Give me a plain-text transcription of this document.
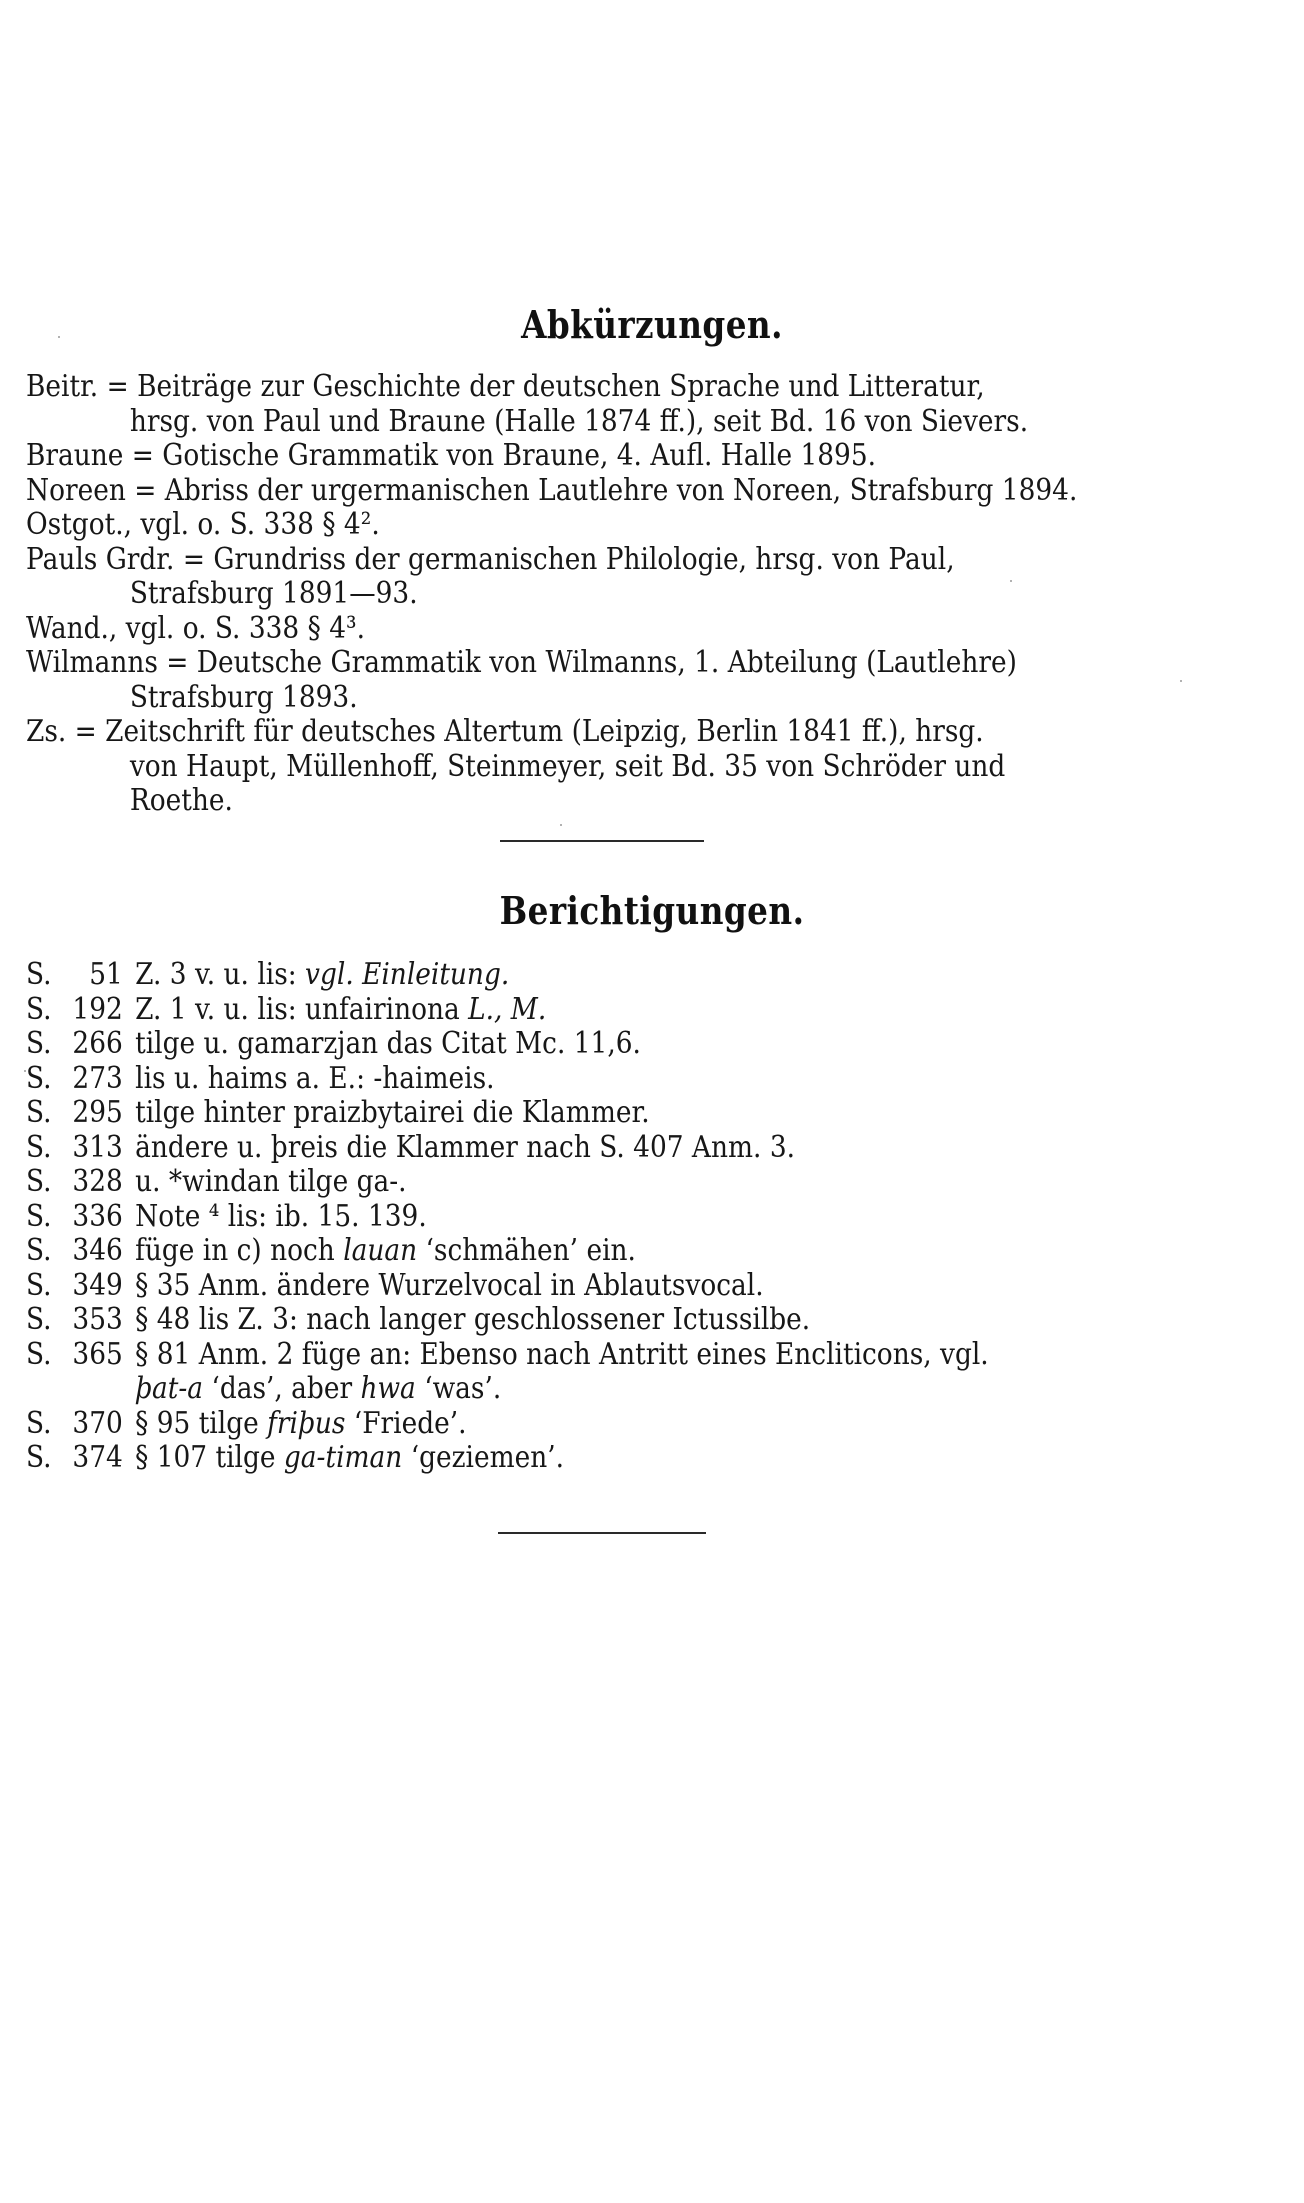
Abkürzungen.
Beitr. = Beiträge zur Geschichte der deutschen Sprache und Litteratur,
hrsg. von Paul und Braune (Halle 1874 ff.), seit Bd. 16 von Sievers.
Braune = Gotische Grammatik von Braune, 4. Aufl. Halle 1895.
Noreen = Abriss der urgermanischen Lautlehre von Noreen, Strafsburg 1894.
Ostgot., vgl. o. S. 338 § 4².
Pauls Grdr. = Grundriss der germanischen Philologie, hrsg. von Paul,
Strafsburg 1891—93.
Wand., vgl. o. S. 338 § 4³.
Wilmanns = Deutsche Grammatik von Wilmanns, 1. Abteilung (Lautlehre)
Strafsburg 1893.
Zs. = Zeitschrift für deutsches Altertum (Leipzig, Berlin 1841 ff.), hrsg.
von Haupt, Müllenhoff, Steinmeyer, seit Bd. 35 von Schröder und
Roethe.
Berichtigungen.
S.	51 Z. 3 v. u. lis: vgl. Einleitung.
S. 192 Z. 1 v. u. lis: unfairinona L., M.
S. 266 tilge u. gamarzjan das Citat Mc. 11,6.
S. 273 lis u. haims a. E.: -haimeis.
S. 295 tilge hinter praizbytairei die Klammer.
S. 313 ändere u. þreis die Klammer nach S. 407 Anm. 3.
S. 328 u. *windan tilge ga-.
S. 336 Note ⁴ lis: ib. 15. 139.
S. 346 füge in c) noch lauan ‘schmähen’ ein.
S. 349 § 35 Anm. ändere Wurzelvocal in Ablautsvocal.
S. 353 § 48 lis Z. 3: nach langer geschlossener Ictussilbe.
S. 365 § 81 Anm. 2 füge an: Ebenso nach Antritt eines Encliticons, vgl.
þat-a ‘das’, aber hwa ‘was’.
S. 370 § 95 tilge friþus ‘Friede’.
S. 374 § 107 tilge ga-timan ‘geziemen’.
